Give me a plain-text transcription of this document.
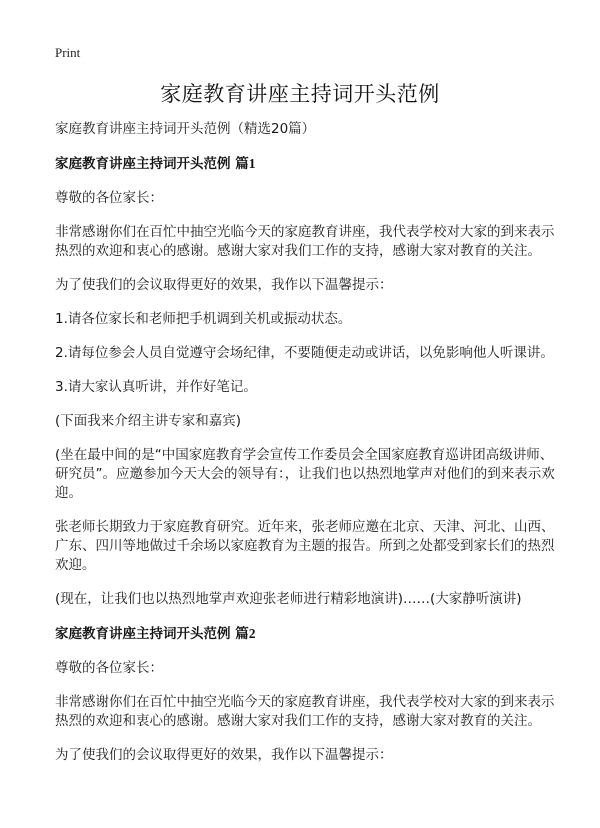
Print
家庭教育讲座主持词开头范例

家庭教育讲座主持词开头范例（精选20篇）

家庭教育讲座主持词开头范例 篇1

尊敬的各位家长：

非常感谢你们在百忙中抽空光临今天的家庭教育讲座，我代表学校对大家的到来表示热烈的欢迎和衷心的感谢。感谢大家对我们工作的支持，感谢大家对教育的关注。

为了使我们的会议取得更好的效果，我作以下温馨提示：

1.请各位家长和老师把手机调到关机或振动状态。

2.请每位参会人员自觉遵守会场纪律，不要随便走动或讲话，以免影响他人听课讲。

3.请大家认真听讲，并作好笔记。

(下面我来介绍主讲专家和嘉宾)

(坐在最中间的是“中国家庭教育学会宣传工作委员会全国家庭教育巡讲团高级讲师、研究员”。应邀参加今天大会的领导有：，让我们也以热烈地掌声对他们的到来表示欢迎。

张老师长期致力于家庭教育研究。近年来，张老师应邀在北京、天津、河北、山西、广东、四川等地做过千余场以家庭教育为主题的报告。所到之处都受到家长们的热烈欢迎。

(现在，让我们也以热烈地掌声欢迎张老师进行精彩地演讲)……(大家静听演讲)

家庭教育讲座主持词开头范例 篇2

尊敬的各位家长：

非常感谢你们在百忙中抽空光临今天的家庭教育讲座，我代表学校对大家的到来表示热烈的欢迎和衷心的感谢。感谢大家对我们工作的支持，感谢大家对教育的关注。

为了使我们的会议取得更好的效果，我作以下温馨提示：
